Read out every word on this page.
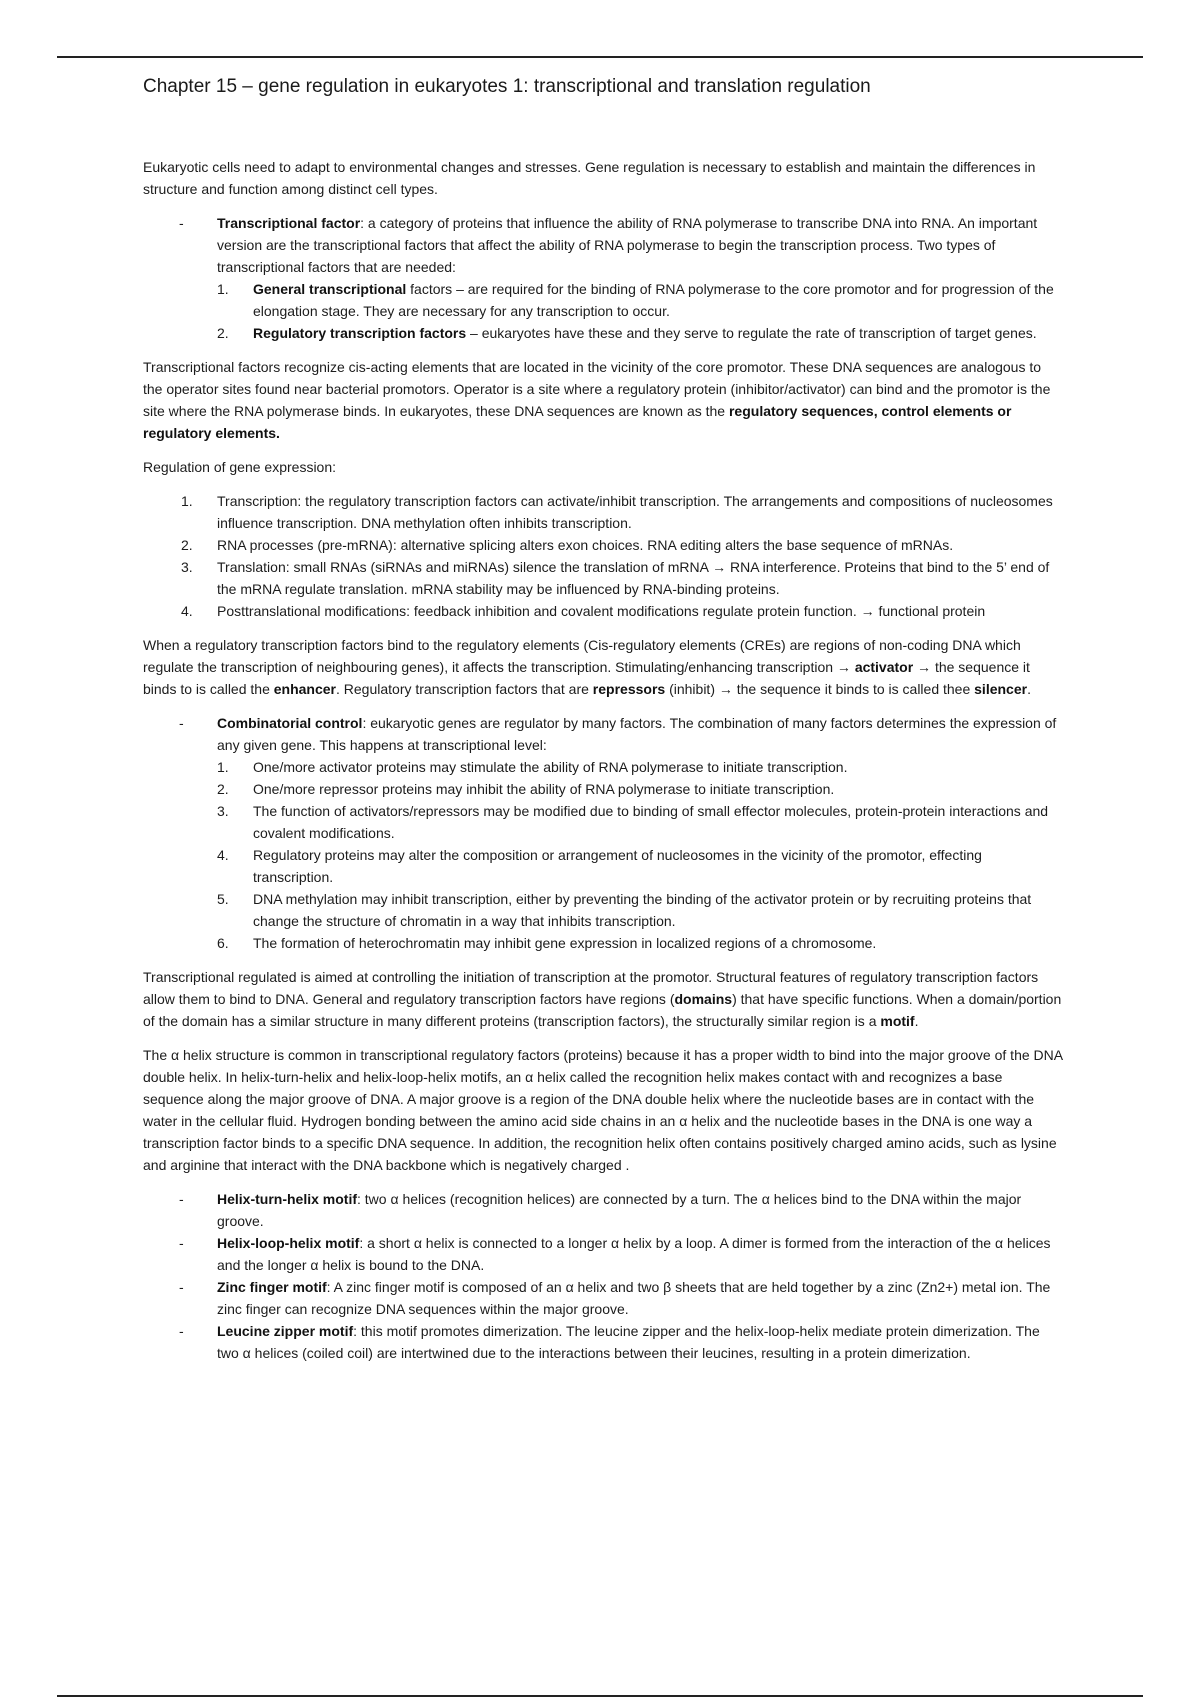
Chapter 15 – gene regulation in eukaryotes 1: transcriptional and translation regulation

Eukaryotic cells need to adapt to environmental changes and stresses. Gene regulation is necessary to establish and maintain the differences in structure and function among distinct cell types.

- Transcriptional factor: a category of proteins that influence the ability of RNA polymerase to transcribe DNA into RNA. An important version are the transcriptional factors that affect the ability of RNA polymerase to begin the transcription process. Two types of transcriptional factors that are needed:
1. General transcriptional factors – are required for the binding of RNA polymerase to the core promotor and for progression of the elongation stage. They are necessary for any transcription to occur.
2. Regulatory transcription factors – eukaryotes have these and they serve to regulate the rate of transcription of target genes.

Transcriptional factors recognize cis-acting elements that are located in the vicinity of the core promotor. These DNA sequences are analogous to the operator sites found near bacterial promotors. Operator is a site where a regulatory protein (inhibitor/activator) can bind and the promotor is the site where the RNA polymerase binds. In eukaryotes, these DNA sequences are known as the regulatory sequences, control elements or regulatory elements.

Regulation of gene expression:

1. Transcription: the regulatory transcription factors can activate/inhibit transcription. The arrangements and compositions of nucleosomes influence transcription. DNA methylation often inhibits transcription.
2. RNA processes (pre-mRNA): alternative splicing alters exon choices. RNA editing alters the base sequence of mRNAs.
3. Translation: small RNAs (siRNAs and miRNAs) silence the translation of mRNA → RNA interference. Proteins that bind to the 5’ end of the mRNA regulate translation. mRNA stability may be influenced by RNA-binding proteins.
4. Posttranslational modifications: feedback inhibition and covalent modifications regulate protein function. → functional protein

When a regulatory transcription factors bind to the regulatory elements (Cis-regulatory elements (CREs) are regions of non-coding DNA which regulate the transcription of neighbouring genes), it affects the transcription. Stimulating/enhancing transcription → activator → the sequence it binds to is called the enhancer. Regulatory transcription factors that are repressors (inhibit) → the sequence it binds to is called thee silencer.

- Combinatorial control: eukaryotic genes are regulator by many factors. The combination of many factors determines the expression of any given gene. This happens at transcriptional level:
1. One/more activator proteins may stimulate the ability of RNA polymerase to initiate transcription.
2. One/more repressor proteins may inhibit the ability of RNA polymerase to initiate transcription.
3. The function of activators/repressors may be modified due to binding of small effector molecules, protein-protein interactions and covalent modifications.
4. Regulatory proteins may alter the composition or arrangement of nucleosomes in the vicinity of the promotor, effecting transcription.
5. DNA methylation may inhibit transcription, either by preventing the binding of the activator protein or by recruiting proteins that change the structure of chromatin in a way that inhibits transcription.
6. The formation of heterochromatin may inhibit gene expression in localized regions of a chromosome.

Transcriptional regulated is aimed at controlling the initiation of transcription at the promotor. Structural features of regulatory transcription factors allow them to bind to DNA. General and regulatory transcription factors have regions (domains) that have specific functions. When a domain/portion of the domain has a similar structure in many different proteins (transcription factors), the structurally similar region is a motif.

The α helix structure is common in transcriptional regulatory factors (proteins) because it has a proper width to bind into the major groove of the DNA double helix. In helix-turn-helix and helix-loop-helix motifs, an α helix called the recognition helix makes contact with and recognizes a base sequence along the major groove of DNA. A major groove is a region of the DNA double helix where the nucleotide bases are in contact with the water in the cellular fluid. Hydrogen bonding between the amino acid side chains in an α helix and the nucleotide bases in the DNA is one way a transcription factor binds to a specific DNA sequence. In addition, the recognition helix often contains positively charged amino acids, such as lysine and arginine that interact with the DNA backbone which is negatively charged .

- Helix-turn-helix motif: two α helices (recognition helices) are connected by a turn. The α helices bind to the DNA within the major groove.
- Helix-loop-helix motif: a short α helix is connected to a longer α helix by a loop. A dimer is formed from the interaction of the α helices and the longer α helix is bound to the DNA.
- Zinc finger motif: A zinc finger motif is composed of an α helix and two β sheets that are held together by a zinc (Zn2+) metal ion. The zinc finger can recognize DNA sequences within the major groove.
- Leucine zipper motif: this motif promotes dimerization. The leucine zipper and the helix-loop-helix mediate protein dimerization. The two α helices (coiled coil) are intertwined due to the interactions between their leucines, resulting in a protein dimerization.
